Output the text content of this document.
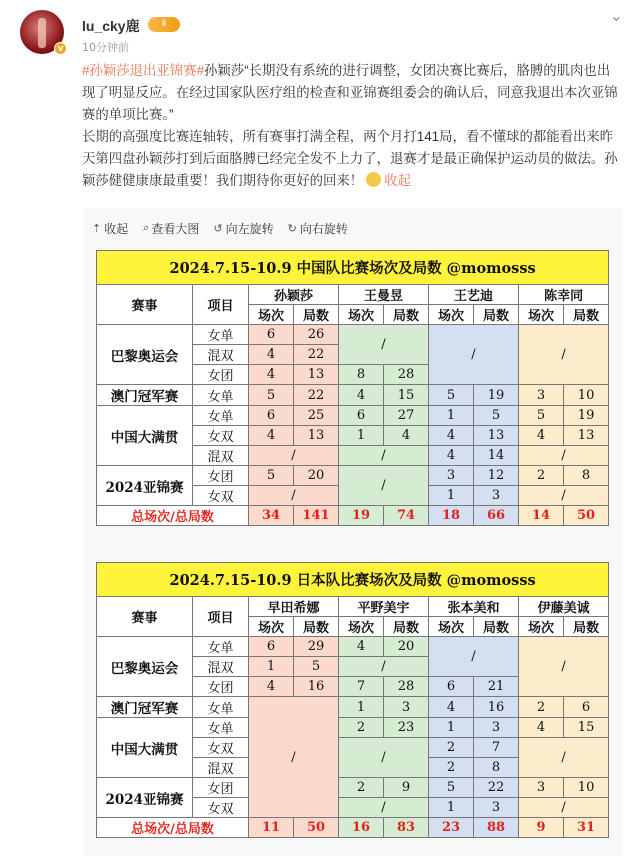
v
lu_cky鹿	Ⅱ
10分钟前
⌄
#孙颖莎退出亚锦赛#孙颖莎“长期没有系统的进行调整，女团决赛比赛后，胳膊的肌肉也出现了明显反应。在经过国家队医疗组的检查和亚锦赛组委会的确认后，同意我退出本次亚锦赛的单项比赛。”
长期的高强度比赛连轴转，所有赛事打满全程，两个月打141局，看不懂球的都能看出来昨天第四盘孙颖莎打到后面胳膊已经完全发不上力了，退赛才是最正确保护运动员的做法。孙颖莎健健康康最重要！我们期待你更好的回来！ 收起
⇡ 收起 ⌕ 查看大图 ↺ 向左旋转 ↻ 向右旋转
2024.7.15-10.9 中国队比赛场次及局数 @momosss									
赛事	项目	孙颖莎		王曼昱		王艺迪		陈幸同	
		场次	局数	场次	局数	场次	局数	场次	局数
巴黎奥运会	女单	6	26	/		/		/	
	混双	4	22						
	女团	4	13	8	28				
澳门冠军赛	女单	5	22	4	15	5	19	3	10
中国大满贯	女单	6	25	6	27	1	5	5	19
	女双	4	13	1	4	4	13	4	13
	混双	/		/		4	14	/	
2024亚锦赛	女团	5	20	/		3	12	2	8
	女双	/				1	3	/	
总场次/总局数		34	141	19	74	18	66	14	50
2024.7.15-10.9 日本队比赛场次及局数 @momosss									
赛事	项目	早田希娜		平野美宇		张本美和		伊藤美诚	
		场次	局数	场次	局数	场次	局数	场次	局数
巴黎奥运会	女单	6	29	4	20	/		/	
	混双	1	5	/					
	女团	4	16	7	28	6	21		
澳门冠军赛	女单	/		1	3	4	16	2	6
中国大满贯	女单			2	23	1	3	4	15
	女双			/		2	7	/	
	混双					2	8		
2024亚锦赛	女团			2	9	5	22	3	10
	女双			/		1	3	/	
总场次/总局数		11	50	16	83	23	88	9	31
